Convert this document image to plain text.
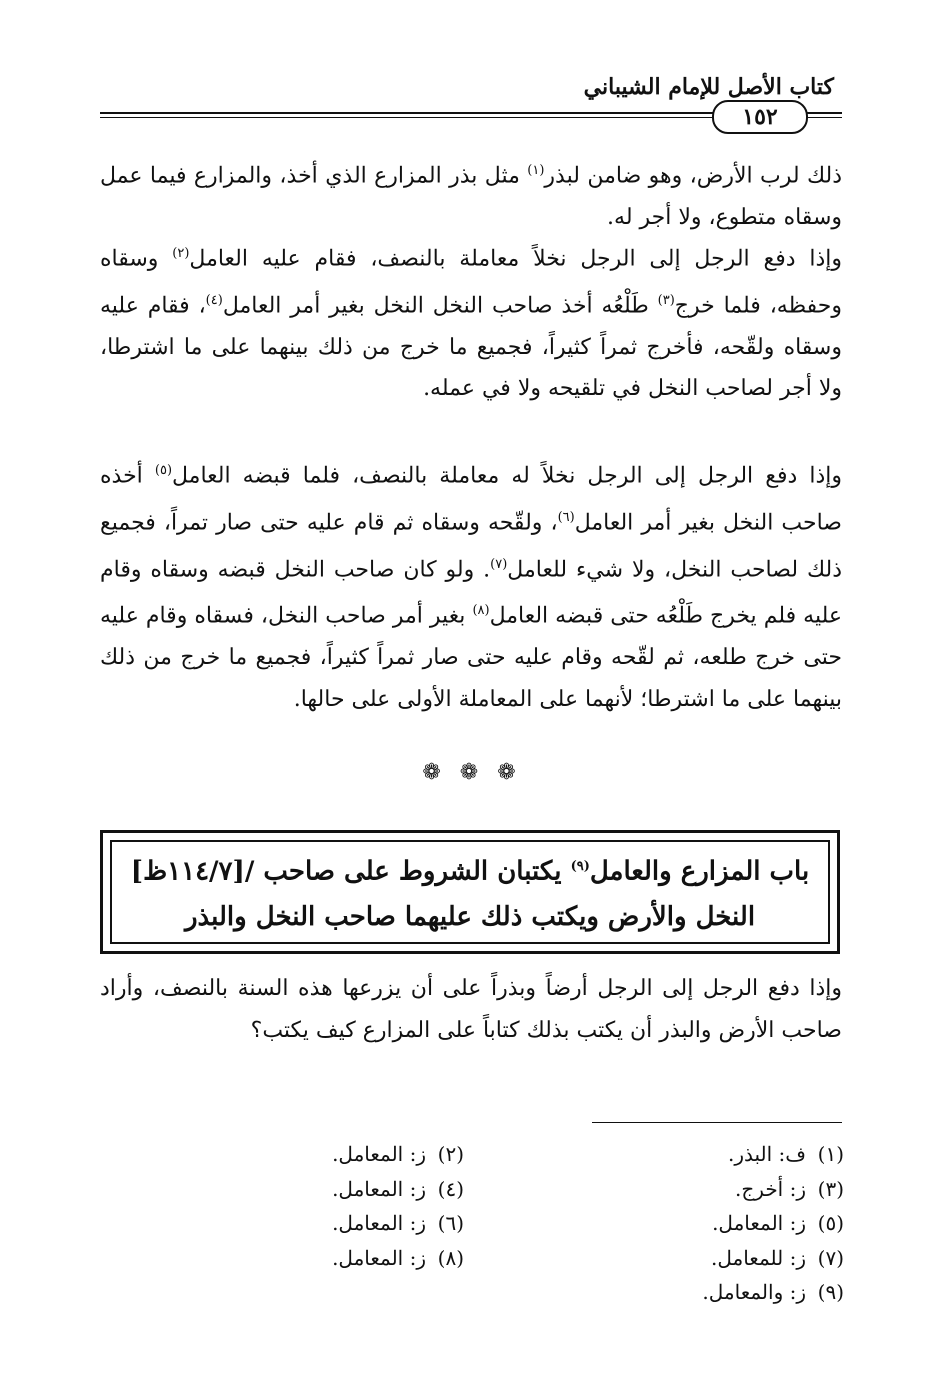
كتاب الأصل للإمام الشيباني
١٥٢
ذلك لرب الأرض، وهو ضامن لبذر$^{(١)}$ مثل بذر المزارع الذي أخذ، والمزارع فيما عمل وسقاه متطوع، ولا أجر له.
وإذا دفع الرجل إلى الرجل نخلاً معاملة بالنصف، فقام عليه العامل$^{(٢)}$ وسقاه وحفظه، فلما خرج$^{(٣)}$ طَلْعُه أخذ صاحب النخل النخل بغير أمر العامل$^{(٤)}$، فقام عليه وسقاه ولقّحه، فأخرج ثمراً كثيراً، فجميع ما خرج من ذلك بينهما على ما اشترطا، ولا أجر لصاحب النخل في تلقيحه ولا في عمله.
وإذا دفع الرجل إلى الرجل نخلاً له معاملة بالنصف، فلما قبضه العامل$^{(٥)}$ أخذه صاحب النخل بغير أمر العامل$^{(٦)}$، ولقّحه وسقاه ثم قام عليه حتى صار تمراً، فجميع ذلك لصاحب النخل، ولا شيء للعامل$^{(٧)}$. ولو كان صاحب النخل قبضه وسقاه وقام عليه فلم يخرج طَلْعُه حتى قبضه العامل$^{(٨)}$ بغير أمر صاحب النخل، فسقاه وقام عليه حتى خرج طلعه، ثم لقّحه وقام عليه حتى صار ثمراً كثيراً، فجميع ما خرج من ذلك بينهما على ما اشترطا؛ لأنهما على المعاملة الأولى على حالها.
❁ ❁ ❁
باب المزارع والعامل$^{(٩)}$ يكتبان الشروط على صاحب /[١١٤/٧ظ]
النخل والأرض ويكتب ذلك عليهما صاحب النخل والبذر
وإذا دفع الرجل إلى الرجل أرضاً وبذراً على أن يزرعها هذه السنة بالنصف، وأراد صاحب الأرض والبذر أن يكتب بذلك كتاباً على المزارع كيف يكتب؟
(١)ف: البذر.
(٣)ز: أخرج.
(٥)ز: المعامل.
(٧)ز: للمعامل.
(٩)ز: والمعامل.
(٢)ز: المعامل.
(٤)ز: المعامل.
(٦)ز: المعامل.
(٨)ز: المعامل.
